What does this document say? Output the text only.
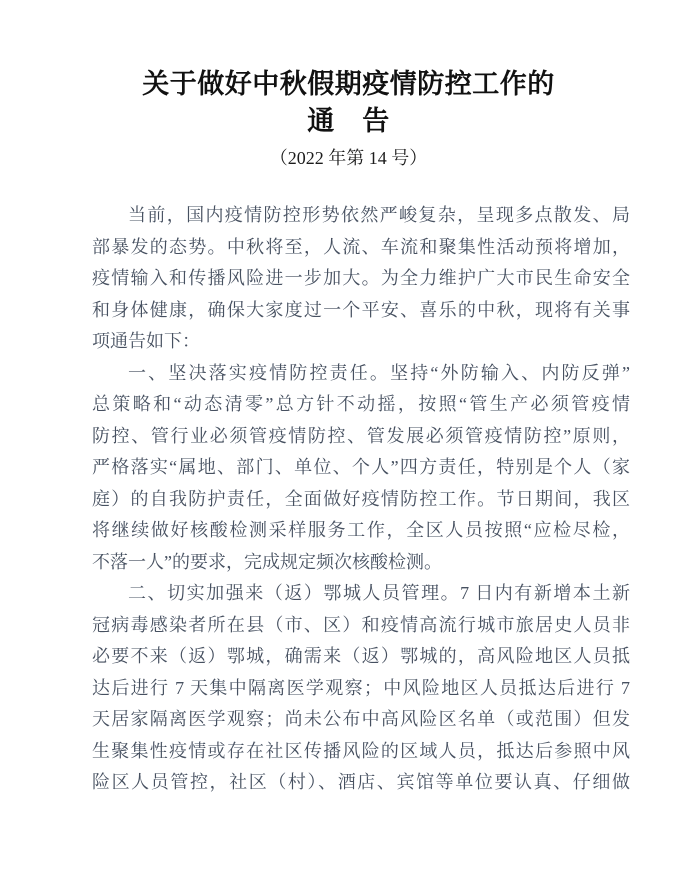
关于做好中秋假期疫情防控工作的
通　告
（2022 年第 14 号）
当前，国内疫情防控形势依然严峻复杂，呈现多点散发、局
部暴发的态势。中秋将至，人流、车流和聚集性活动预将增加，
疫情输入和传播风险进一步加大。为全力维护广大市民生命安全
和身体健康，确保大家度过一个平安、喜乐的中秋，现将有关事
项通告如下：
一、坚决落实疫情防控责任。坚持“外防输入、内防反弹”
总策略和“动态清零”总方针不动摇，按照“管生产必须管疫情
防控、管行业必须管疫情防控、管发展必须管疫情防控”原则，
严格落实“属地、部门、单位、个人”四方责任，特别是个人（家
庭）的自我防护责任，全面做好疫情防控工作。节日期间，我区
将继续做好核酸检测采样服务工作，全区人员按照“应检尽检，
不落一人”的要求，完成规定频次核酸检测。
二、切实加强来（返）鄂城人员管理。7 日内有新增本土新
冠病毒感染者所在县（市、区）和疫情高流行城市旅居史人员非
必要不来（返）鄂城，确需来（返）鄂城的，高风险地区人员抵
达后进行 7 天集中隔离医学观察；中风险地区人员抵达后进行 7
天居家隔离医学观察；尚未公布中高风险区名单（或范围）但发
生聚集性疫情或存在社区传播风险的区域人员，抵达后参照中风
险区人员管控，社区（村）、酒店、宾馆等单位要认真、仔细做
